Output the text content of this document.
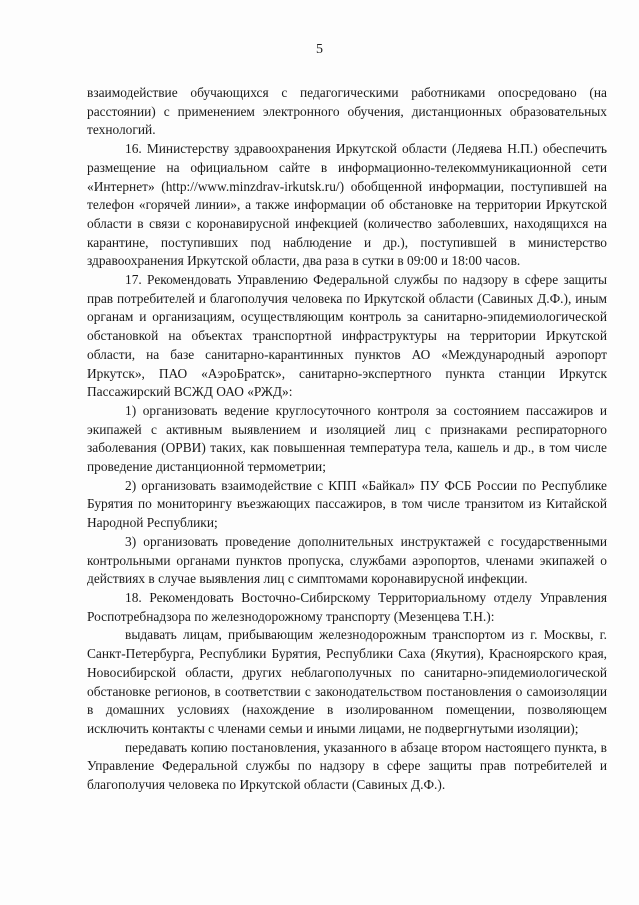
5

взаимодействие обучающихся с педагогическими работниками опосредовано (на расстоянии) с применением электронного обучения, дистанционных образовательных технологий.

16. Министерству здравоохранения Иркутской области (Ледяева Н.П.) обеспечить размещение на официальном сайте в информационно-телекоммуникационной сети «Интернет» (http://www.minzdrav-irkutsk.ru/) обобщенной информации, поступившей на телефон «горячей линии», а также информации об обстановке на территории Иркутской области в связи с коронавирусной инфекцией (количество заболевших, находящихся на карантине, поступивших под наблюдение и др.), поступившей в министерство здравоохранения Иркутской области, два раза в сутки в 09:00 и 18:00 часов.

17. Рекомендовать Управлению Федеральной службы по надзору в сфере защиты прав потребителей и благополучия человека по Иркутской области (Савиных Д.Ф.), иным органам и организациям, осуществляющим контроль за санитарно-эпидемиологической обстановкой на объектах транспортной инфраструктуры на территории Иркутской области, на базе санитарно-карантинных пунктов АО «Международный аэропорт Иркутск», ПАО «АэроБратск», санитарно-экспертного пункта станции Иркутск Пассажирский ВСЖД ОАО «РЖД»:

1) организовать ведение круглосуточного контроля за состоянием пассажиров и экипажей с активным выявлением и изоляцией лиц с признаками респираторного заболевания (ОРВИ) таких, как повышенная температура тела, кашель и др., в том числе проведение дистанционной термометрии;

2) организовать взаимодействие с КПП «Байкал» ПУ ФСБ России по Республике Бурятия по мониторингу въезжающих пассажиров, в том числе транзитом из Китайской Народной Республики;

3) организовать проведение дополнительных инструктажей с государственными контрольными органами пунктов пропуска, службами аэропортов, членами экипажей о действиях в случае выявления лиц с симптомами коронавирусной инфекции.

18. Рекомендовать Восточно-Сибирскому Территориальному отделу Управления Роспотребнадзора по железнодорожному транспорту (Мезенцева Т.Н.):

выдавать лицам, прибывающим железнодорожным транспортом из г. Москвы, г. Санкт-Петербурга, Республики Бурятия, Республики Саха (Якутия), Красноярского края, Новосибирской области, других неблагополучных по санитарно-эпидемиологической обстановке регионов, в соответствии с законодательством постановления о самоизоляции в домашних условиях (нахождение в изолированном помещении, позволяющем исключить контакты с членами семьи и иными лицами, не подвергнутыми изоляции);

передавать копию постановления, указанного в абзаце втором настоящего пункта, в Управление Федеральной службы по надзору в сфере защиты прав потребителей и благополучия человека по Иркутской области (Савиных Д.Ф.).
